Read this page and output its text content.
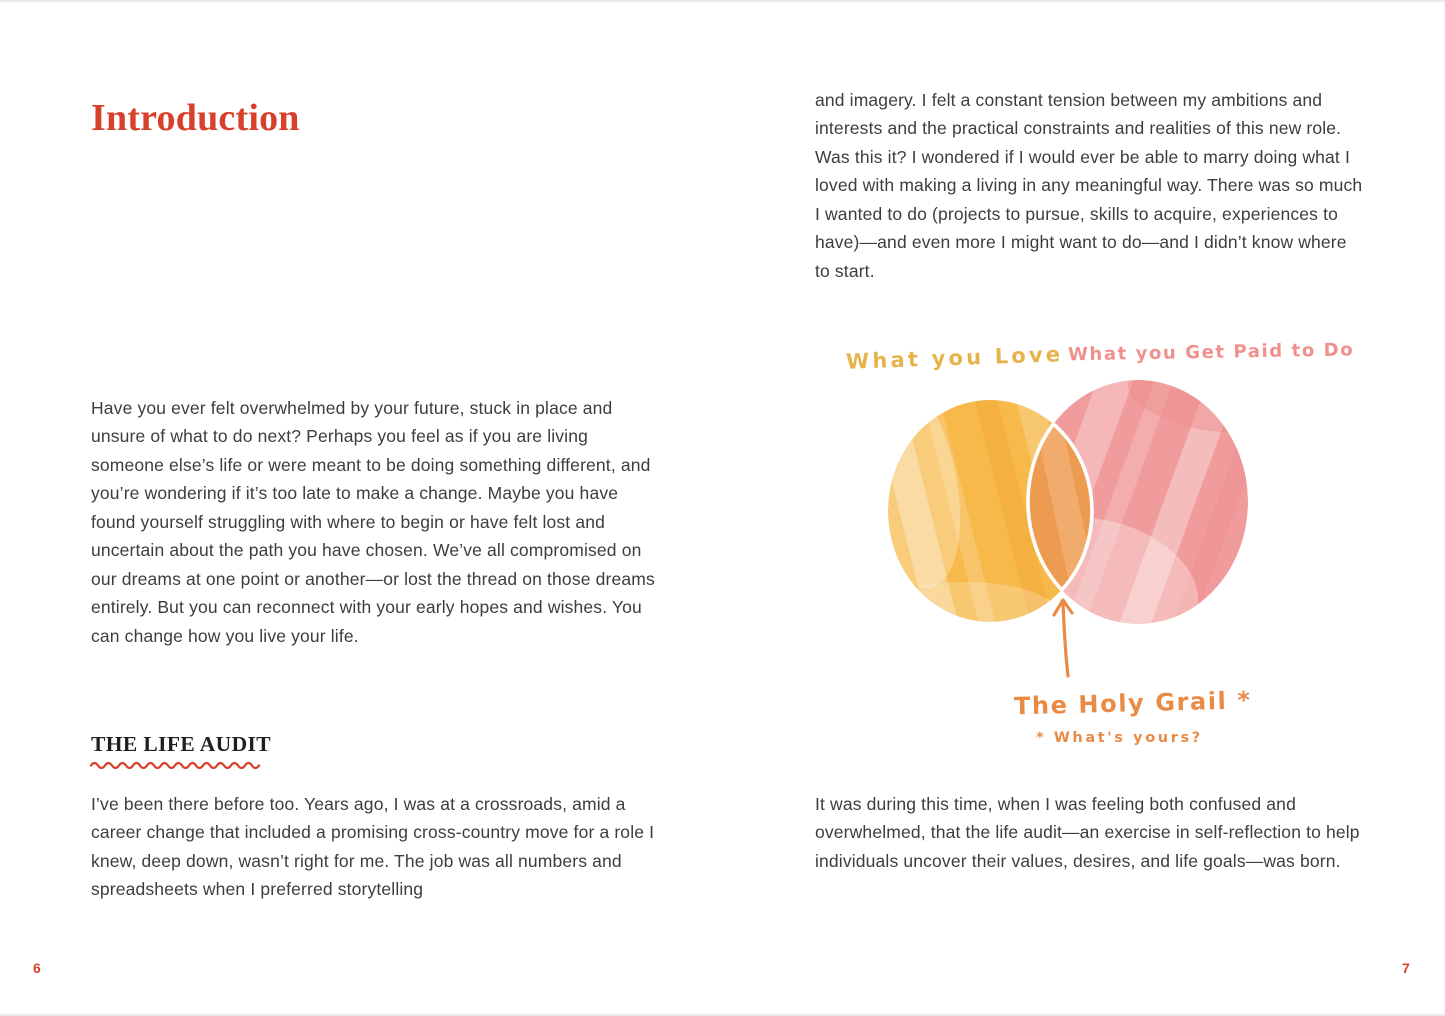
Introduction

Have you ever felt overwhelmed by your future, stuck in place and unsure of what to do next? Perhaps you feel as if you are living someone else’s life or were meant to be doing something different, and you’re wondering if it’s too late to make a change. Maybe you have found yourself struggling with where to begin or have felt lost and uncertain about the path you have chosen. We’ve all compromised on our dreams at one point or another—or lost the thread on those dreams entirely. But you can reconnect with your early hopes and wishes. You can change how you live your life.

THE LIFE AUDIT

I’ve been there before too. Years ago, I was at a crossroads, amid a career change that included a promising cross-country move for a role I knew, deep down, wasn’t right for me. The job was all numbers and spreadsheets when I preferred storytelling

6

and imagery. I felt a constant tension between my ambitions and interests and the practical constraints and realities of this new role. Was this it? I wondered if I would ever be able to marry doing what I loved with making a living in any meaningful way. There was so much I wanted to do (projects to pursue, skills to acquire, experiences to have)—and even more I might want to do—and I didn’t know where to start.

What you Love What you Get Paid to Do
The Holy Grail *
* What's yours?

It was during this time, when I was feeling both confused and overwhelmed, that the life audit—an exercise in self-reflection to help individuals uncover their values, desires, and life goals—was born.

7
